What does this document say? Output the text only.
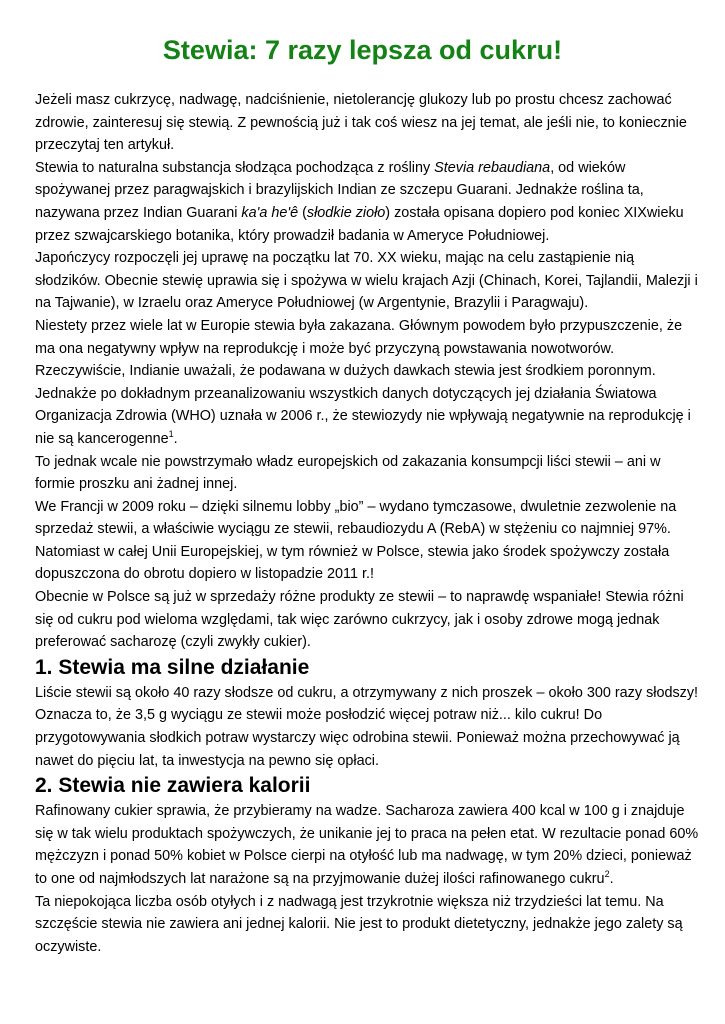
Stewia: 7 razy lepsza od cukru!

Jeżeli masz cukrzycę, nadwagę, nadciśnienie, nietolerancję glukozy lub po prostu chcesz zachować zdrowie, zainteresuj się stewią. Z pewnością już i tak coś wiesz na jej temat, ale jeśli nie, to koniecznie przeczytaj ten artykuł.

Stewia to naturalna substancja słodząca pochodząca z rośliny Stevia rebaudiana, od wieków spożywanej przez paragwajskich i brazylijskich Indian ze szczepu Guarani. Jednakże roślina ta, nazywana przez Indian Guarani ka'a he'ê (słodkie zioło) została opisana dopiero pod koniec XIXwieku przez szwajcarskiego botanika, który prowadził badania w Ameryce Południowej.

Japończycy rozpoczęli jej uprawę na początku lat 70. XX wieku, mając na celu zastąpienie nią słodzików. Obecnie stewię uprawia się i spożywa w wielu krajach Azji (Chinach, Korei, Tajlandii, Malezji i na Tajwanie), w Izraelu oraz Ameryce Południowej (w Argentynie, Brazylii i Paragwaju).

Niestety przez wiele lat w Europie stewia była zakazana. Głównym powodem było przypuszczenie, że ma ona negatywny wpływ na reprodukcję i może być przyczyną powstawania nowotworów. Rzeczywiście, Indianie uważali, że podawana w dużych dawkach stewia jest środkiem poronnym. Jednakże po dokładnym przeanalizowaniu wszystkich danych dotyczących jej działania Światowa Organizacja Zdrowia (WHO) uznała w 2006 r., że stewiozydy nie wpływają negatywnie na reprodukcję i nie są kancerogenne$^1$.

To jednak wcale nie powstrzymało władz europejskich od zakazania konsumpcji liści stewii – ani w formie proszku ani żadnej innej.

We Francji w 2009 roku – dzięki silnemu lobby „bio” – wydano tymczasowe, dwuletnie zezwolenie na sprzedaż stewii, a właściwie wyciągu ze stewii, rebaudiozydu A (RebA) w stężeniu co najmniej 97%. Natomiast w całej Unii Europejskiej, w tym również w Polsce, stewia jako środek spożywczy została dopuszczona do obrotu dopiero w listopadzie 2011 r.!

Obecnie w Polsce są już w sprzedaży różne produkty ze stewii – to naprawdę wspaniałe! Stewia różni się od cukru pod wieloma względami, tak więc zarówno cukrzycy, jak i osoby zdrowe mogą jednak preferować sacharozę (czyli zwykły cukier).

1. Stewia ma silne działanie

Liście stewii są około 40 razy słodsze od cukru, a otrzymywany z nich proszek – około 300 razy słodszy! Oznacza to, że 3,5 g wyciągu ze stewii może posłodzić więcej potraw niż... kilo cukru! Do przygotowywania słodkich potraw wystarczy więc odrobina stewii. Ponieważ można przechowywać ją nawet do pięciu lat, ta inwestycja na pewno się opłaci.

2. Stewia nie zawiera kalorii

Rafinowany cukier sprawia, że przybieramy na wadze. Sacharoza zawiera 400 kcal w 100 g i znajduje się w tak wielu produktach spożywczych, że unikanie jej to praca na pełen etat. W rezultacie ponad 60% mężczyzn i ponad 50% kobiet w Polsce cierpi na otyłość lub ma nadwagę, w tym 20% dzieci, ponieważ to one od najmłodszych lat narażone są na przyjmowanie dużej ilości rafinowanego cukru$^2$.

Ta niepokojąca liczba osób otyłych i z nadwagą jest trzykrotnie większa niż trzydzieści lat temu. Na szczęście stewia nie zawiera ani jednej kalorii. Nie jest to produkt dietetyczny, jednakże jego zalety są oczywiste.
